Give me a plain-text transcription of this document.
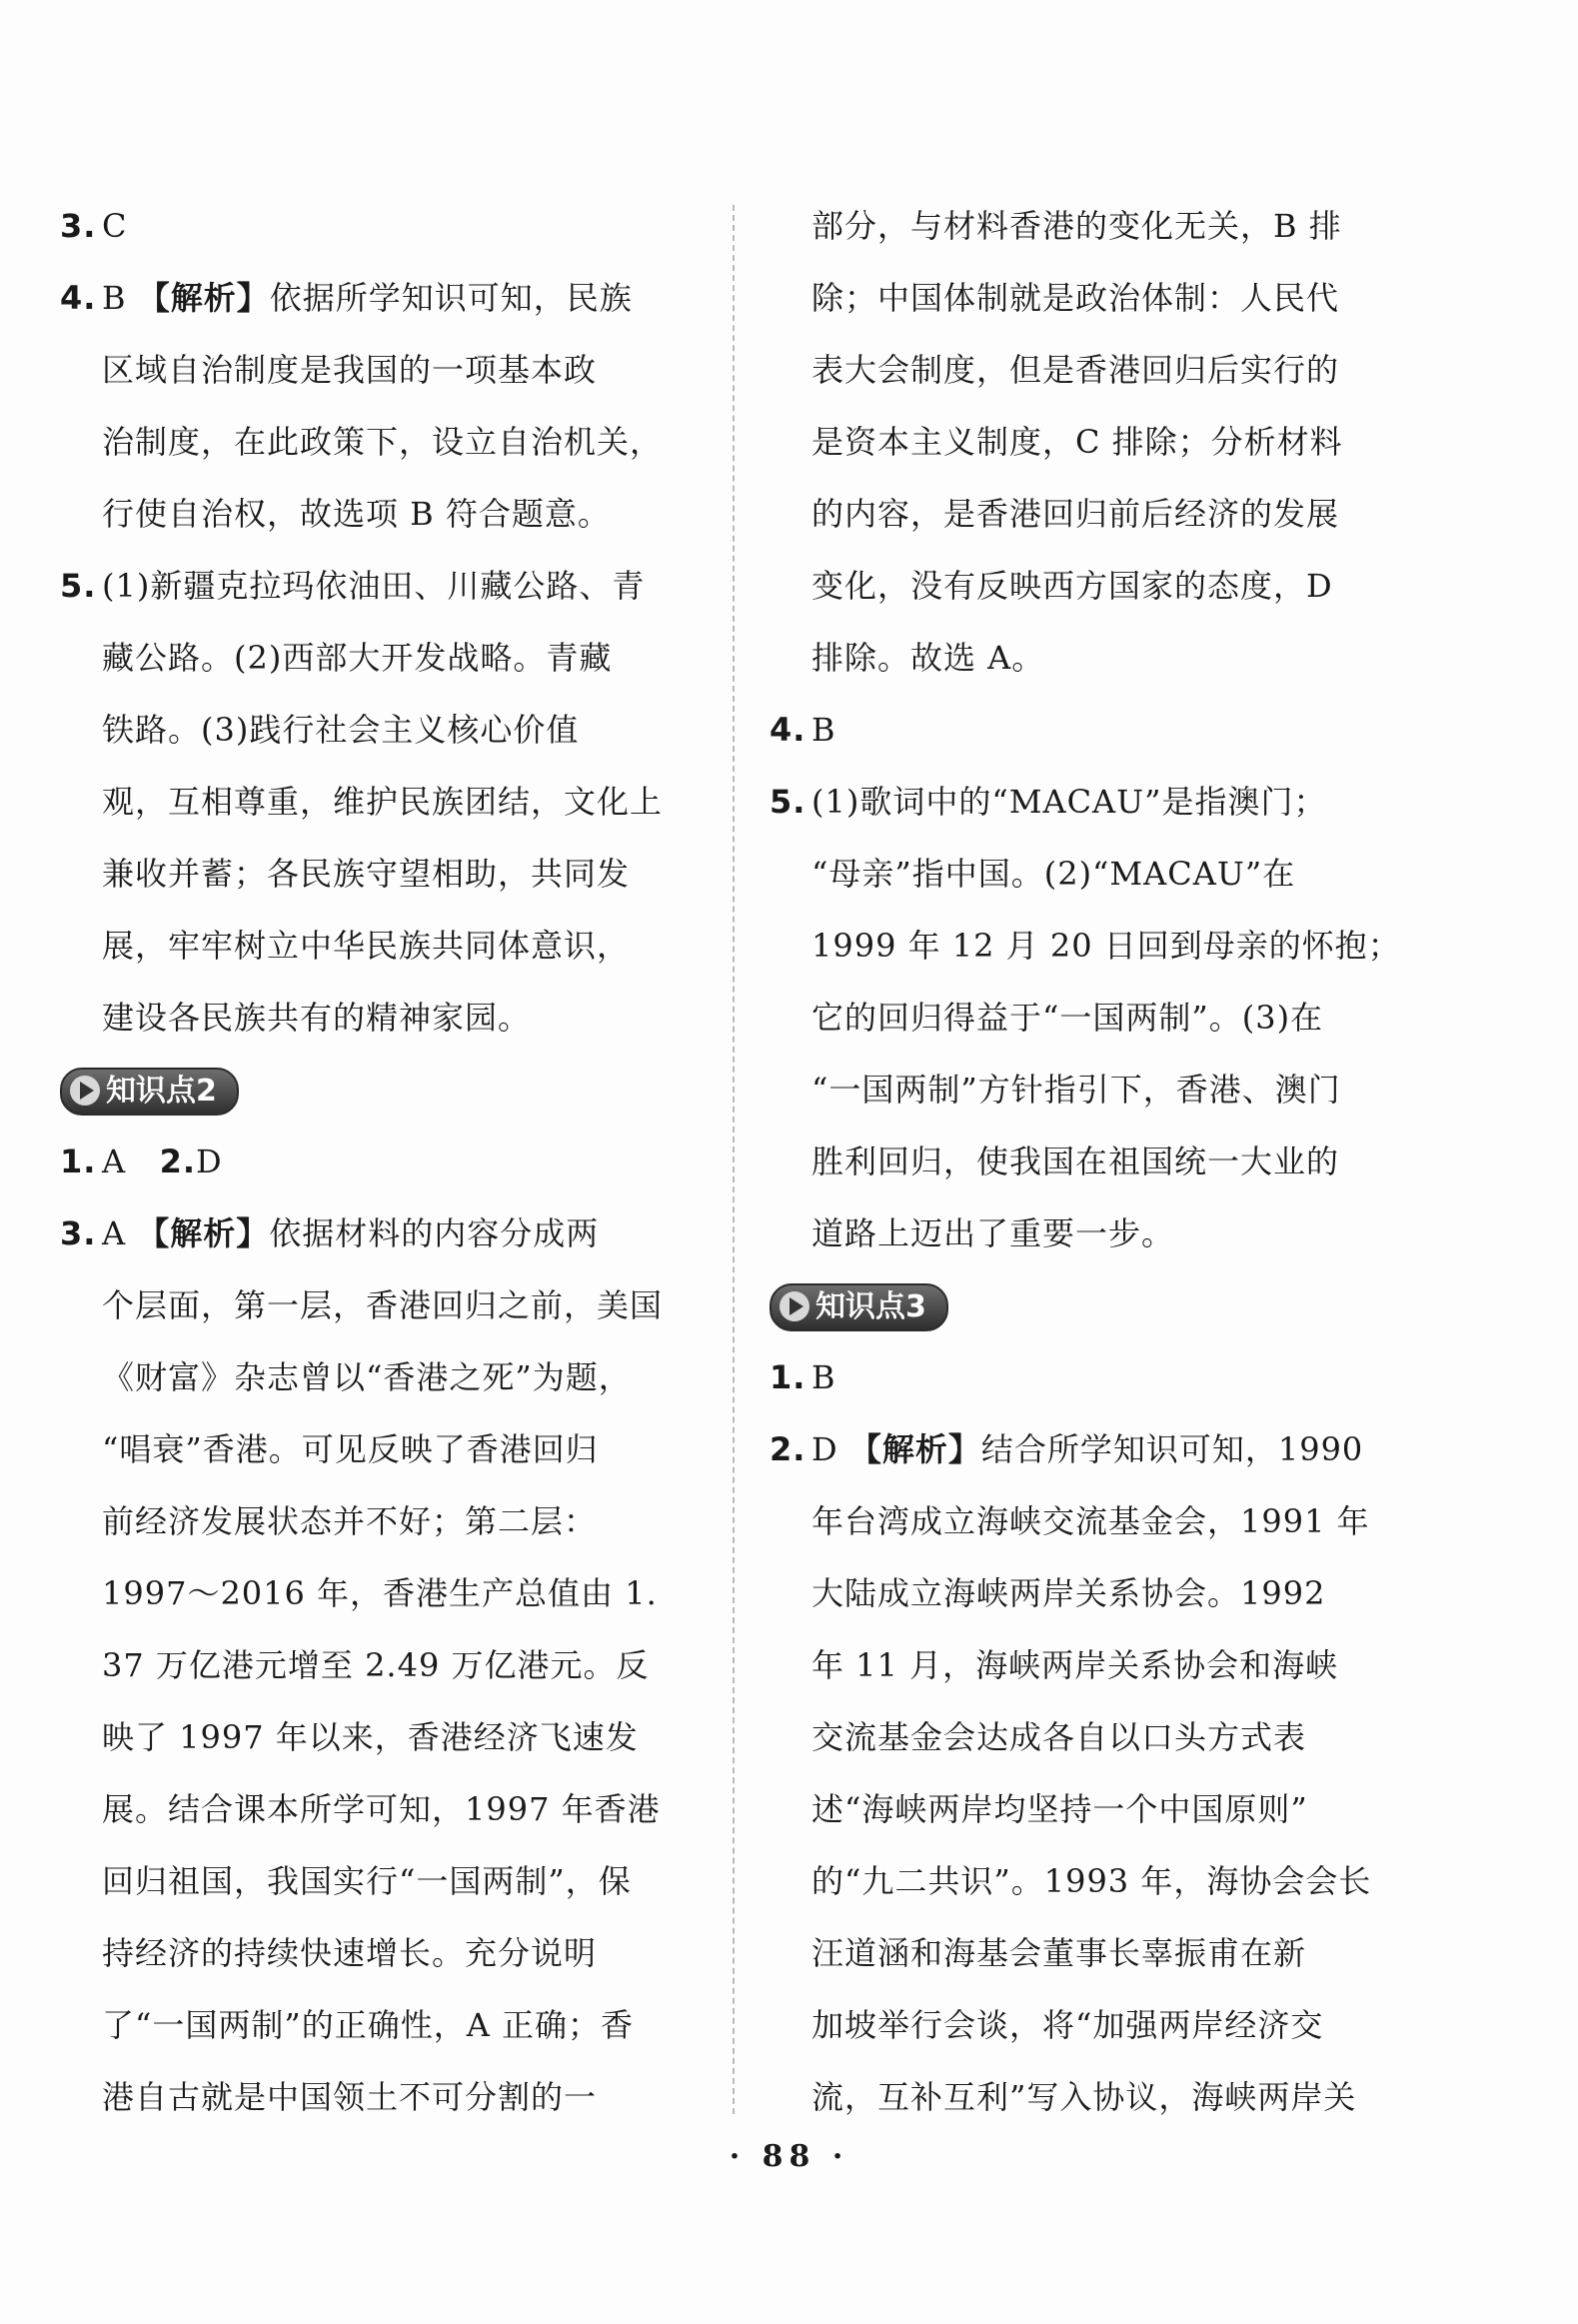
3. C
4. B 【解析】依据所学知识可知，民族
区域自治制度是我国的一项基本政
治制度，在此政策下，设立自治机关，
行使自治权，故选项 B 符合题意。
5. (1)新疆克拉玛依油田、川藏公路、青
藏公路。(2)西部大开发战略。青藏
铁路。(3)践行社会主义核心价值
观，互相尊重，维护民族团结，文化上
兼收并蓄；各民族守望相助，共同发
展，牢牢树立中华民族共同体意识，
建设各民族共有的精神家园。
知识点2
1. A 2.D
3. A 【解析】依据材料的内容分成两
个层面，第一层，香港回归之前，美国
《财富》杂志曾以“香港之死”为题，
“唱衰”香港。可见反映了香港回归
前经济发展状态并不好；第二层：
1997～2016 年，香港生产总值由 1.
37 万亿港元增至 2.49 万亿港元。反
映了 1997 年以来，香港经济飞速发
展。结合课本所学可知，1997 年香港
回归祖国，我国实行“一国两制”，保
持经济的持续快速增长。充分说明
了“一国两制”的正确性，A 正确；香
港自古就是中国领土不可分割的一
部分，与材料香港的变化无关，B 排
除；中国体制就是政治体制：人民代
表大会制度，但是香港回归后实行的
是资本主义制度，C 排除；分析材料
的内容，是香港回归前后经济的发展
变化，没有反映西方国家的态度，D
排除。故选 A。
4. B
5. (1)歌词中的“MACAU”是指澳门；
“母亲”指中国。(2)“MACAU”在
1999 年 12 月 20 日回到母亲的怀抱；
它的回归得益于“一国两制”。(3)在
“一国两制”方针指引下，香港、澳门
胜利回归，使我国在祖国统一大业的
道路上迈出了重要一步。
知识点3
1. B
2. D 【解析】结合所学知识可知，1990
年台湾成立海峡交流基金会，1991 年
大陆成立海峡两岸关系协会。1992
年 11 月，海峡两岸关系协会和海峡
交流基金会达成各自以口头方式表
述“海峡两岸均坚持一个中国原则”
的“九二共识”。1993 年，海协会会长
汪道涵和海基会董事长辜振甫在新
加坡举行会谈，将“加强两岸经济交
流，互补互利”写入协议，海峡两岸关
· 88 ·
